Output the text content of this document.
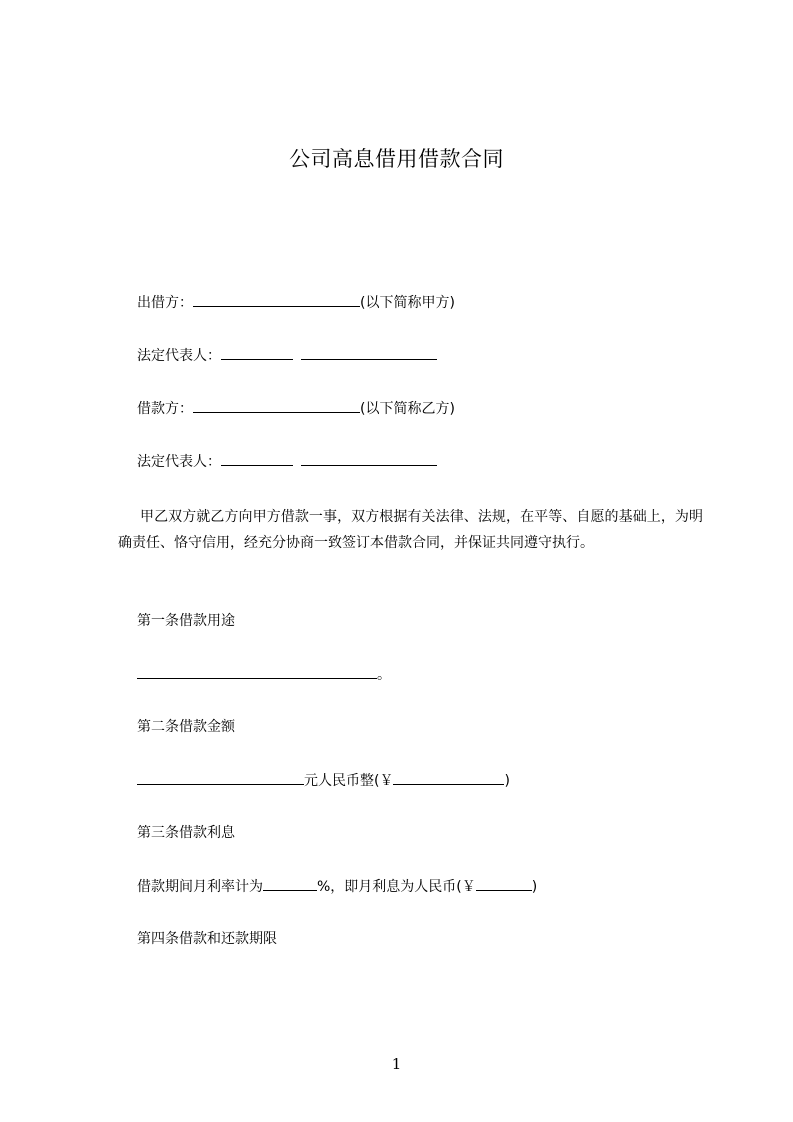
公司高息借用借款合同
出借方：	(以下简称甲方)
法定代表人：
借款方：	(以下简称乙方)
法定代表人：
甲乙双方就乙方向甲方借款一事，双方根据有关法律、法规，在平等、自愿的基础上，为明确责任、恪守信用，经充分协商一致签订本借款合同，并保证共同遵守执行。
第一条借款用途
。
第二条借款金额
元人民币整(￥	)
第三条借款利息
借款期间月利率计为	%，即月利息为人民币(￥	)
第四条借款和还款期限
1
